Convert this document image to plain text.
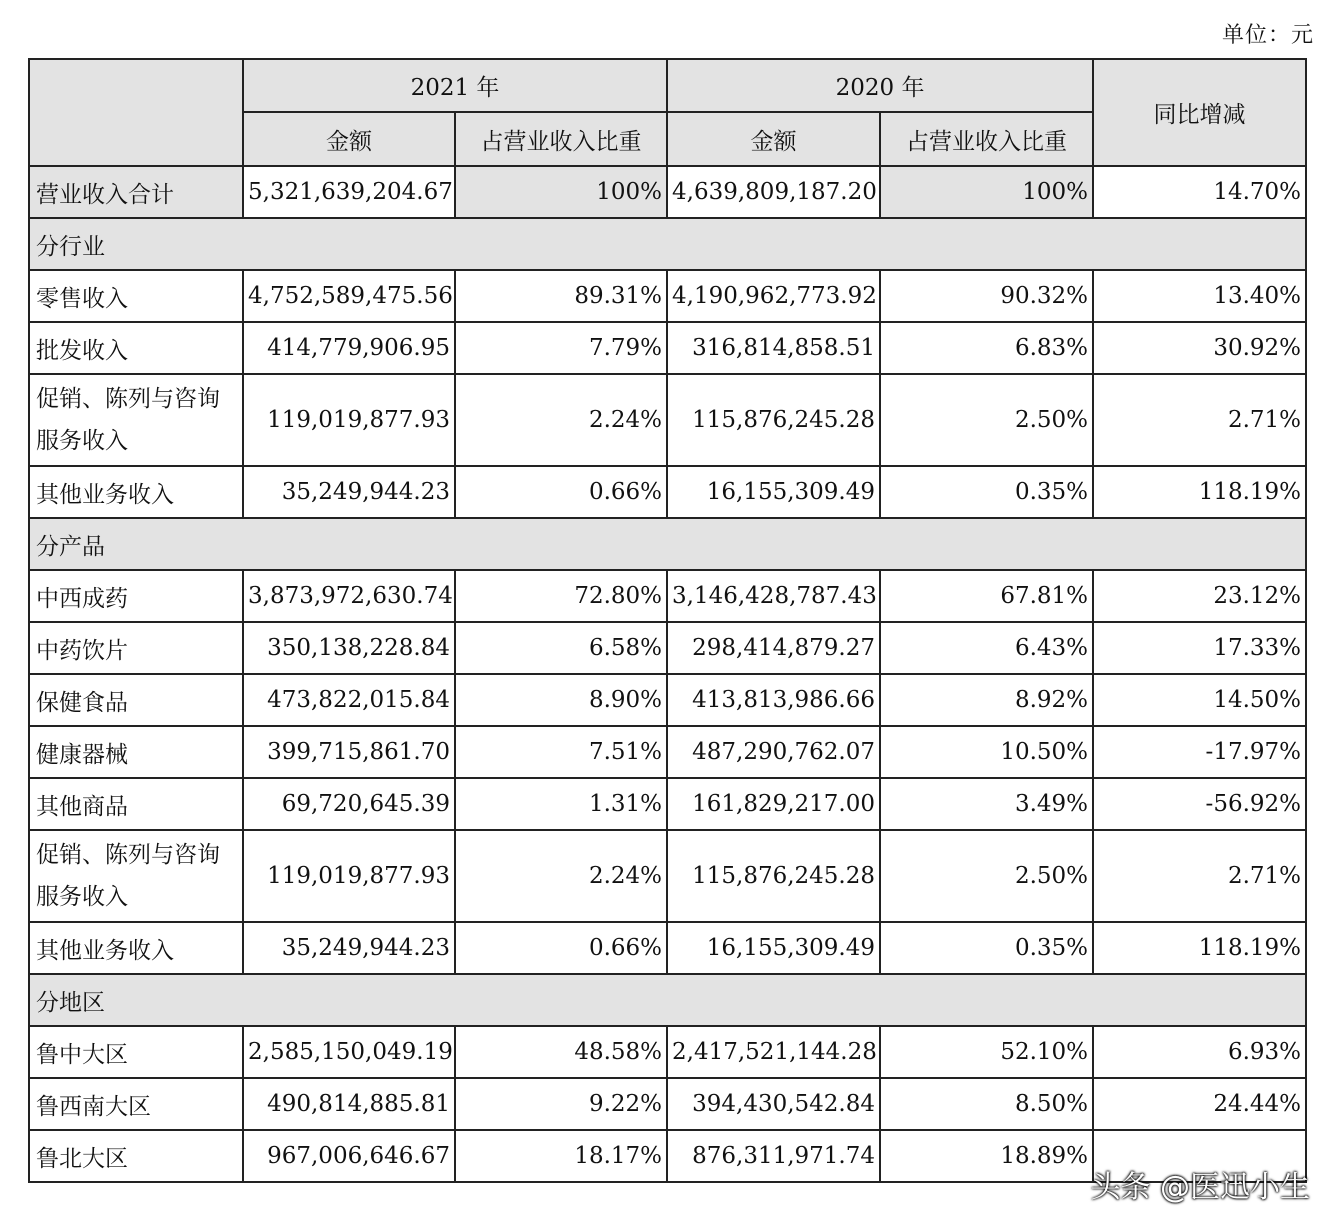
单位：元
	2021 年		2020 年		同比增减
	金额	占营业收入比重	金额	占营业收入比重	
营业收入合计	5,321,639,204.67	100%	4,639,809,187.20	100%	14.70%
分行业					
零售收入	4,752,589,475.56	89.31%	4,190,962,773.92	90.32%	13.40%
批发收入	414,779,906.95	7.79%	316,814,858.51	6.83%	30.92%
促销、陈列与咨询服务收入	119,019,877.93	2.24%	115,876,245.28	2.50%	2.71%
其他业务收入	35,249,944.23	0.66%	16,155,309.49	0.35%	118.19%
分产品					
中西成药	3,873,972,630.74	72.80%	3,146,428,787.43	67.81%	23.12%
中药饮片	350,138,228.84	6.58%	298,414,879.27	6.43%	17.33%
保健食品	473,822,015.84	8.90%	413,813,986.66	8.92%	14.50%
健康器械	399,715,861.70	7.51%	487,290,762.07	10.50%	-17.97%
其他商品	69,720,645.39	1.31%	161,829,217.00	3.49%	-56.92%
促销、陈列与咨询服务收入	119,019,877.93	2.24%	115,876,245.28	2.50%	2.71%
其他业务收入	35,249,944.23	0.66%	16,155,309.49	0.35%	118.19%
分地区					
鲁中大区	2,585,150,049.19	48.58%	2,417,521,144.28	52.10%	6.93%
鲁西南大区	490,814,885.81	9.22%	394,430,542.84	8.50%	24.44%
鲁北大区	967,006,646.67	18.17%	876,311,971.74	18.89%	
头条 @医迅小生
